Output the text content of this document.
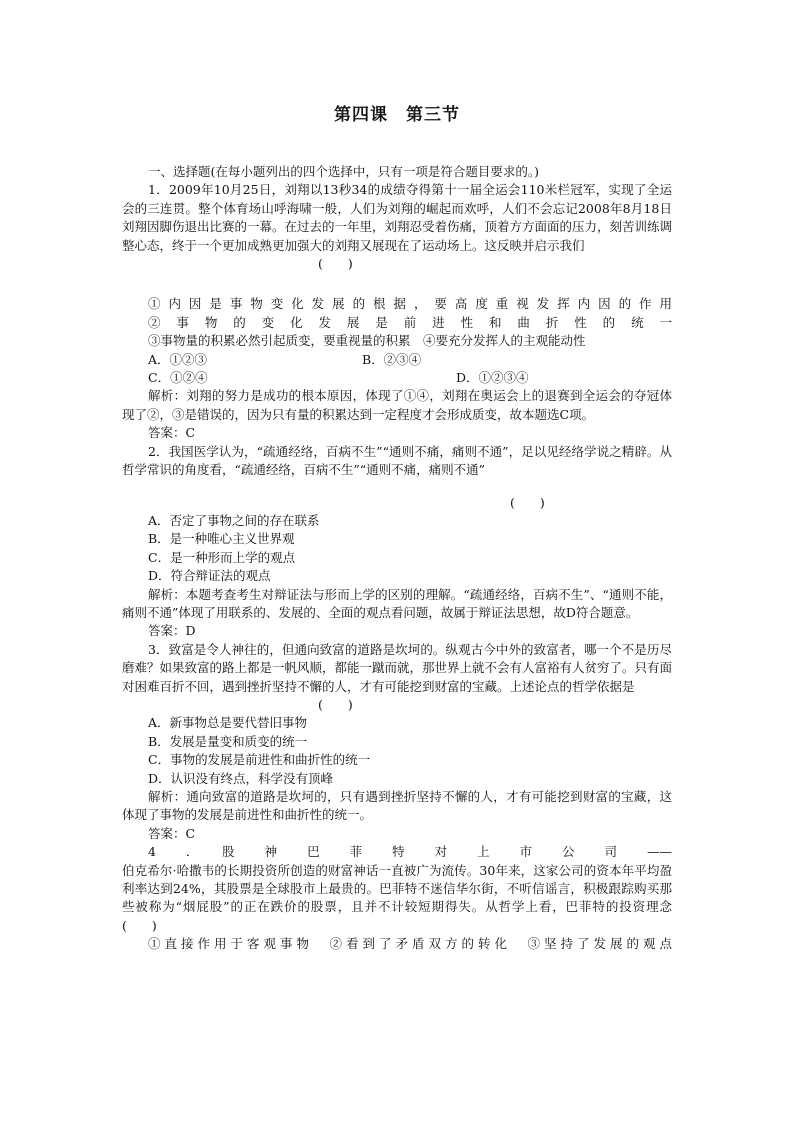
第四课　第三节

一、选择题(在每小题列出的四个选择中，只有一项是符合题目要求的。)

1．2009年10月25日，刘翔以13秒34的成绩夺得第十一届全运会110米栏冠军，实现了全运会的三连贯。整个体育场山呼海啸一般，人们为刘翔的崛起而欢呼，人们不会忘记2008年8月18日刘翔因脚伤退出比赛的一幕。在过去的一年里，刘翔忍受着伤痛，顶着方方面面的压力，刻苦训练调整心态，终于一个更加成熟更加强大的刘翔又展现在了运动场上。这反映并启示我们

(　　)

①内因是事物变化发展的根据，要高度重视发挥内因的作用

②事物的变化发展是前进性和曲折性的统一

③事物量的积累必然引起质变，要重视量的积累　④要充分发挥人的主观能动性

A．①②③	B．②③④
C．①②④	D．①②③④

解析：刘翔的努力是成功的根本原因，体现了①④，刘翔在奥运会上的退赛到全运会的夺冠体现了②，③是错误的，因为只有量的积累达到一定程度才会形成质变，故本题选C项。

答案：C

2．我国医学认为，“疏通经络，百病不生”“通则不痛，痛则不通”，足以见经络学说之精辟。从哲学常识的角度看，“疏通经络，百病不生”“通则不痛，痛则不通”

(　　)

A．否定了事物之间的存在联系

B．是一种唯心主义世界观

C．是一种形而上学的观点

D．符合辩证法的观点

解析：本题考查考生对辩证法与形而上学的区别的理解。“疏通经络，百病不生”、“通则不能，痛则不通”体现了用联系的、发展的、全面的观点看问题，故属于辩证法思想，故D符合题意。

答案：D

3．致富是令人神往的，但通向致富的道路是坎坷的。纵观古今中外的致富者，哪一个不是历尽磨难？如果致富的路上都是一帆风顺，都能一蹴而就，那世界上就不会有人富裕有人贫穷了。只有面对困难百折不回，遇到挫折坚持不懈的人，才有可能挖到财富的宝藏。上述论点的哲学依据是

(　　)

A．新事物总是要代替旧事物

B．发展是量变和质变的统一

C．事物的发展是前进性和曲折性的统一

D．认识没有终点，科学没有顶峰

解析：通向致富的道路是坎坷的，只有遇到挫折坚持不懈的人，才有可能挖到财富的宝藏，这体现了事物的发展是前进性和曲折性的统一。

答案：C

4　．　股　神　巴　菲　特　对　上　市　公　司　——

伯克希尔·哈撒韦的长期投资所创造的财富神话一直被广为流传。30年来，这家公司的资本年平均盈利率达到24%，其股票是全球股市上最贵的。巴菲特不迷信华尔街，不听信谣言，积极跟踪购买那些被称为“烟屁股”的正在跌价的股票，且并不计较短期得失。从哲学上看，巴菲特的投资理念　　　　　　　　　　(　　)

①直接作用于客观事物　②看到了矛盾双方的转化　③坚持了发展的观点
